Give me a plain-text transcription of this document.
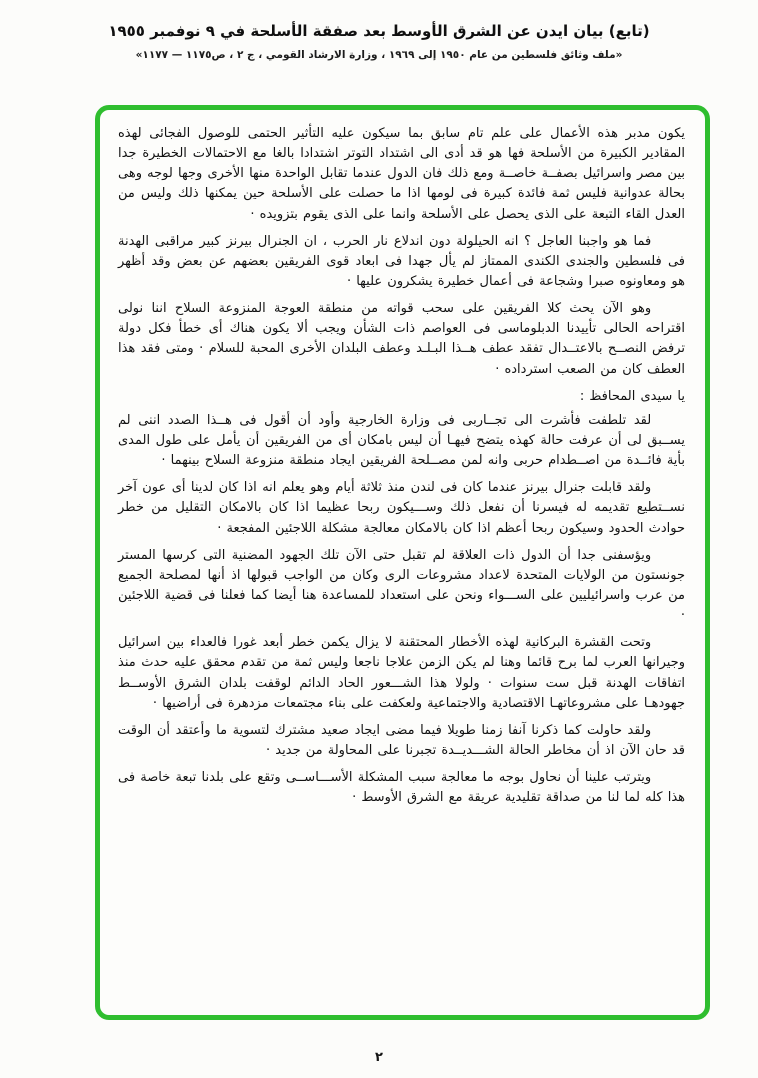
(تابع) بيان ايدن عن الشرق الأوسط بعد صفقة الأسلحة في ٩ نوفمبر ١٩٥٥
«ملف وثائق فلسطين من عام ١٩٥٠ إلى ١٩٦٩ ، وزارة الارشاد القومي ، ج ٢ ، ص١١٧٥ — ١١٧٧»

يكون مدبر هذه الأعمال على علم تام سابق بما سيكون عليه التأثير الحتمى للوصول الفجائى لهذه المقادير الكبيرة من الأسلحة فها هو قد أدى الى اشتداد التوتر اشتدادا بالغا مع الاحتمالات الخطيرة جدا بين مصر واسرائيل بصفــة خاصــة ومع ذلك فان الدول عندما تقابل الواحدة منها الأخرى وجها لوجه وهى بحالة عدوانية فليس ثمة فائدة كبيرة فى لومها اذا ما حصلت على الأسلحة حين يمكنها ذلك وليس من العدل القاء التبعة على الذى يحصل على الأسلحة وانما على الذى يقوم بتزويده ·

فما هو واجبنا العاجل ؟ انه الحيلولة دون اندلاع نار الحرب ، ان الجنرال بيرنز كبير مراقبى الهدنة فى فلسطين والجندى الكندى الممتاز لم يأل جهدا فى ابعاد قوى الفريقين بعضهم عن بعض وقد أظهر هو ومعاونوه صبرا وشجاعة فى أعمال خطيرة يشكرون عليها ·

وهو الآن يحث كلا الفريقين على سحب قواته من منطقة العوجة المنزوعة السلاح اننا نولى اقتراحه الحالى تأييدنا الدبلوماسى فى العواصم ذات الشأن ويجب ألا يكون هناك أى خطأ فكل دولة ترفض النصــح بالاعتــدال تفقد عطف هــذا البـلـد وعطف البلدان الأخرى المحبة للسلام · ومتى فقد هذا العطف كان من الصعب استرداده ·

يا سيدى المحافظ :

لقد تلطفت فأشرت الى تجــاربى فى وزارة الخارجية وأود أن أقول فى هــذا الصدد اننى لم يســبق لى أن عرفت حالة كهذه يتضح فيهـا أن ليس بامكان أى من الفريقين أن يأمل على طول المدى بأية فائــدة من اصــطدام حربى وانه لمن مصــلحة الفريقين ايجاد منطقة منزوعة السلاح بينهما ·

ولقد قابلت جنرال بيرنز عندما كان فى لندن منذ ثلاثة أيام وهو يعلم انه اذا كان لدينا أى عون آخر نســتطيع تقديمه له فيسرنا أن نفعل ذلك وســـيكون ربحا عظيما اذا كان بالامكان التقليل من خطر حوادث الحدود وسيكون ربحا أعظم اذا كان بالامكان معالجة مشكلة اللاجئين المفجعة ·

ويؤسفنى جدا أن الدول ذات العلاقة لم تقبل حتى الآن تلك الجهود المضنية التى كرسها المستر جونستون من الولايات المتحدة لاعداد مشروعات الرى وكان من الواجب قبولها اذ أنها لمصلحة الجميع من عرب واسرائيليين على الســـواء ونحن على استعداد للمساعدة هنا أيضا كما فعلنا فى قضية اللاجئين ·

وتحت القشرة البركانية لهذه الأخطار المحتقنة لا يزال يكمن خطر أبعد غورا فالعداء بين اسرائيل وجيرانها العرب لما برح قائما وهنا لم يكن الزمن علاجا ناجعا وليس ثمة من تقدم محقق عليه حدث منذ اتفاقات الهدنة قبل ست سنوات · ولولا هذا الشـــعور الحاد الدائم لوقفت بلدان الشرق الأوســط جهودهـا على مشروعاتهـا الاقتصادية والاجتماعية ولعكفت على بناء مجتمعات مزدهرة فى أراضيها ·

ولقد حاولت كما ذكرنا آنفا زمنا طويلا فيما مضى ايجاد صعيد مشترك لتسوية ما وأعتقد أن الوقت قد حان الآن اذ أن مخاطر الحالة الشـــديــدة تجبرنا على المحاولة من جديد ·

ويترتب علينا أن نحاول بوجه ما معالجة سبب المشكلة الأســـاســى وتقع على بلدنا تبعة خاصة فى هذا كله لما لنا من صداقة تقليدية عريقة مع الشرق الأوسط ·

٢
